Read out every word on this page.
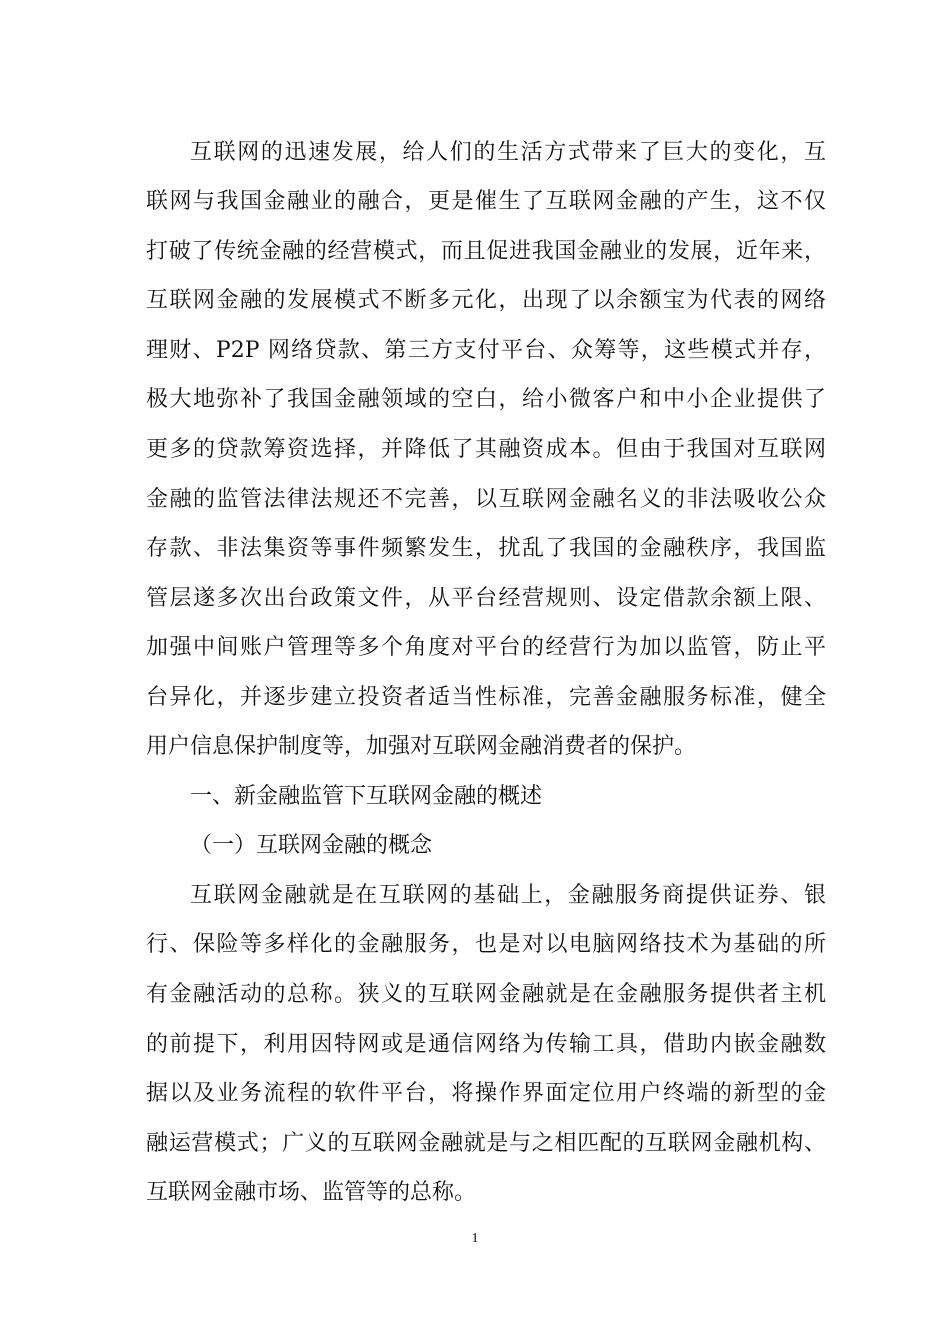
互联网的迅速发展，给人们的生活方式带来了巨大的变化，互
联网与我国金融业的融合，更是催生了互联网金融的产生，这不仅
打破了传统金融的经营模式，而且促进我国金融业的发展，近年来，
互联网金融的发展模式不断多元化，出现了以余额宝为代表的网络
理财、P2P 网络贷款、第三方支付平台、众筹等，这些模式并存，
极大地弥补了我国金融领域的空白，给小微客户和中小企业提供了
更多的贷款筹资选择，并降低了其融资成本。但由于我国对互联网
金融的监管法律法规还不完善，以互联网金融名义的非法吸收公众
存款、非法集资等事件频繁发生，扰乱了我国的金融秩序，我国监
管层遂多次出台政策文件，从平台经营规则、设定借款余额上限、
加强中间账户管理等多个角度对平台的经营行为加以监管，防止平
台异化，并逐步建立投资者适当性标准，完善金融服务标准，健全
用户信息保护制度等，加强对互联网金融消费者的保护。
一、新金融监管下互联网金融的概述
（一）互联网金融的概念
互联网金融就是在互联网的基础上，金融服务商提供证券、银
行、保险等多样化的金融服务，也是对以电脑网络技术为基础的所
有金融活动的总称。狭义的互联网金融就是在金融服务提供者主机
的前提下，利用因特网或是通信网络为传输工具，借助内嵌金融数
据以及业务流程的软件平台，将操作界面定位用户终端的新型的金
融运营模式；广义的互联网金融就是与之相匹配的互联网金融机构、
互联网金融市场、监管等的总称。
1
